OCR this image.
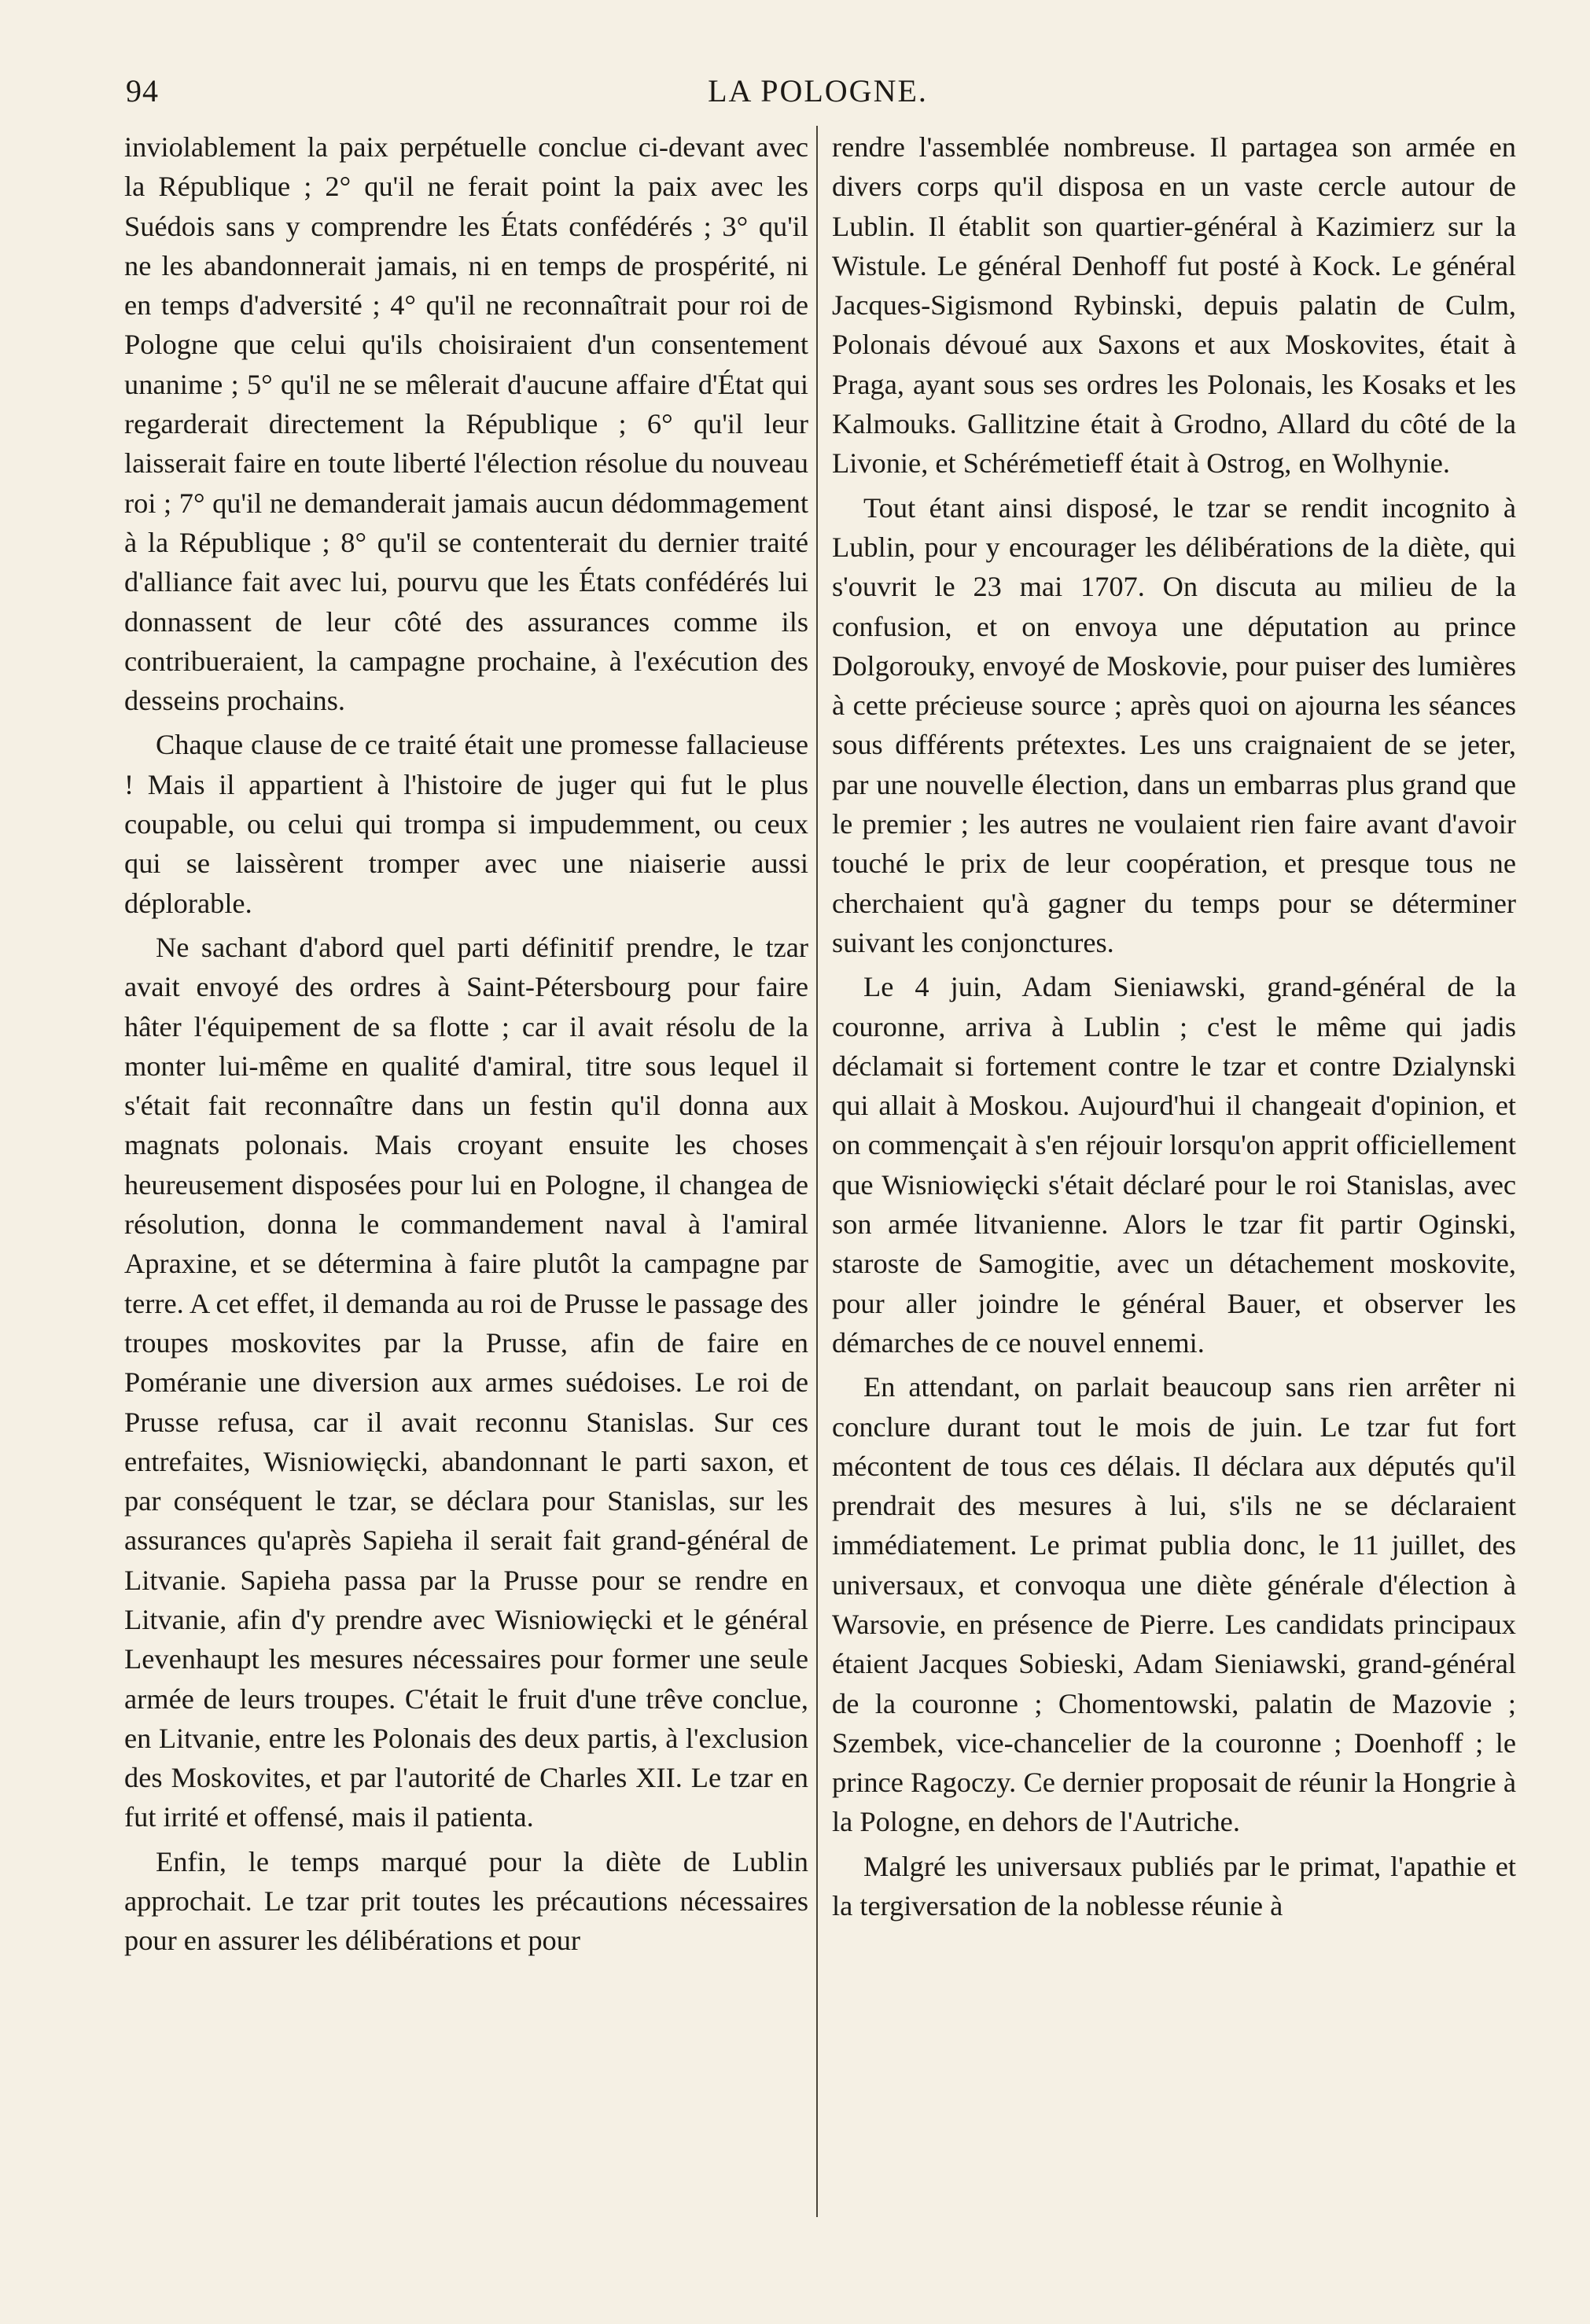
94	LA POLOGNE.

inviolablement la paix perpétuelle conclue ci-devant avec la République ; 2° qu'il ne ferait point la paix avec les Suédois sans y comprendre les États confédérés ; 3° qu'il ne les abandonnerait jamais, ni en temps de prospérité, ni en temps d'adversité ; 4° qu'il ne reconnaîtrait pour roi de Pologne que celui qu'ils choisiraient d'un consentement unanime ; 5° qu'il ne se mêlerait d'aucune affaire d'État qui regarderait directement la République ; 6° qu'il leur laisserait faire en toute liberté l'élection résolue du nouveau roi ; 7° qu'il ne demanderait jamais aucun dédommagement à la République ; 8° qu'il se contenterait du dernier traité d'alliance fait avec lui, pourvu que les États confédérés lui donnassent de leur côté des assurances comme ils contribueraient, la campagne prochaine, à l'exécution des desseins prochains.

Chaque clause de ce traité était une promesse fallacieuse ! Mais il appartient à l'histoire de juger qui fut le plus coupable, ou celui qui trompa si impudemment, ou ceux qui se laissèrent tromper avec une niaiserie aussi déplorable.

Ne sachant d'abord quel parti définitif prendre, le tzar avait envoyé des ordres à Saint-Pétersbourg pour faire hâter l'équipement de sa flotte ; car il avait résolu de la monter lui-même en qualité d'amiral, titre sous lequel il s'était fait reconnaître dans un festin qu'il donna aux magnats polonais. Mais croyant ensuite les choses heureusement disposées pour lui en Pologne, il changea de résolution, donna le commandement naval à l'amiral Apraxine, et se détermina à faire plutôt la campagne par terre. A cet effet, il demanda au roi de Prusse le passage des troupes moskovites par la Prusse, afin de faire en Poméranie une diversion aux armes suédoises. Le roi de Prusse refusa, car il avait reconnu Stanislas. Sur ces entrefaites, Wisniowięcki, abandonnant le parti saxon, et par conséquent le tzar, se déclara pour Stanislas, sur les assurances qu'après Sapieha il serait fait grand-général de Litvanie. Sapieha passa par la Prusse pour se rendre en Litvanie, afin d'y prendre avec Wisniowięcki et le général Levenhaupt les mesures nécessaires pour former une seule armée de leurs troupes. C'était le fruit d'une trêve conclue, en Litvanie, entre les Polonais des deux partis, à l'exclusion des Moskovites, et par l'autorité de Charles XII. Le tzar en fut irrité et offensé, mais il patienta.

Enfin, le temps marqué pour la diète de Lublin approchait. Le tzar prit toutes les précautions nécessaires pour en assurer les délibérations et pour

rendre l'assemblée nombreuse. Il partagea son armée en divers corps qu'il disposa en un vaste cercle autour de Lublin. Il établit son quartier-général à Kazimierz sur la Wistule. Le général Denhoff fut posté à Kock. Le général Jacques-Sigismond Rybinski, depuis palatin de Culm, Polonais dévoué aux Saxons et aux Moskovites, était à Praga, ayant sous ses ordres les Polonais, les Kosaks et les Kalmouks. Gallitzine était à Grodno, Allard du côté de la Livonie, et Schérémetieff était à Ostrog, en Wolhynie.

Tout étant ainsi disposé, le tzar se rendit incognito à Lublin, pour y encourager les délibérations de la diète, qui s'ouvrit le 23 mai 1707. On discuta au milieu de la confusion, et on envoya une députation au prince Dolgorouky, envoyé de Moskovie, pour puiser des lumières à cette précieuse source ; après quoi on ajourna les séances sous différents prétextes. Les uns craignaient de se jeter, par une nouvelle élection, dans un embarras plus grand que le premier ; les autres ne voulaient rien faire avant d'avoir touché le prix de leur coopération, et presque tous ne cherchaient qu'à gagner du temps pour se déterminer suivant les conjonctures.

Le 4 juin, Adam Sieniawski, grand-général de la couronne, arriva à Lublin ; c'est le même qui jadis déclamait si fortement contre le tzar et contre Dzialynski qui allait à Moskou. Aujourd'hui il changeait d'opinion, et on commençait à s'en réjouir lorsqu'on apprit officiellement que Wisniowięcki s'était déclaré pour le roi Stanislas, avec son armée litvanienne. Alors le tzar fit partir Oginski, staroste de Samogitie, avec un détachement moskovite, pour aller joindre le général Bauer, et observer les démarches de ce nouvel ennemi.

En attendant, on parlait beaucoup sans rien arrêter ni conclure durant tout le mois de juin. Le tzar fut fort mécontent de tous ces délais. Il déclara aux députés qu'il prendrait des mesures à lui, s'ils ne se déclaraient immédiatement. Le primat publia donc, le 11 juillet, des universaux, et convoqua une diète générale d'élection à Warsovie, en présence de Pierre. Les candidats principaux étaient Jacques Sobieski, Adam Sieniawski, grand-général de la couronne ; Chomentowski, palatin de Mazovie ; Szembek, vice-chancelier de la couronne ; Doenhoff ; le prince Ragoczy. Ce dernier proposait de réunir la Hongrie à la Pologne, en dehors de l'Autriche.

Malgré les universaux publiés par le primat, l'apathie et la tergiversation de la noblesse réunie à
